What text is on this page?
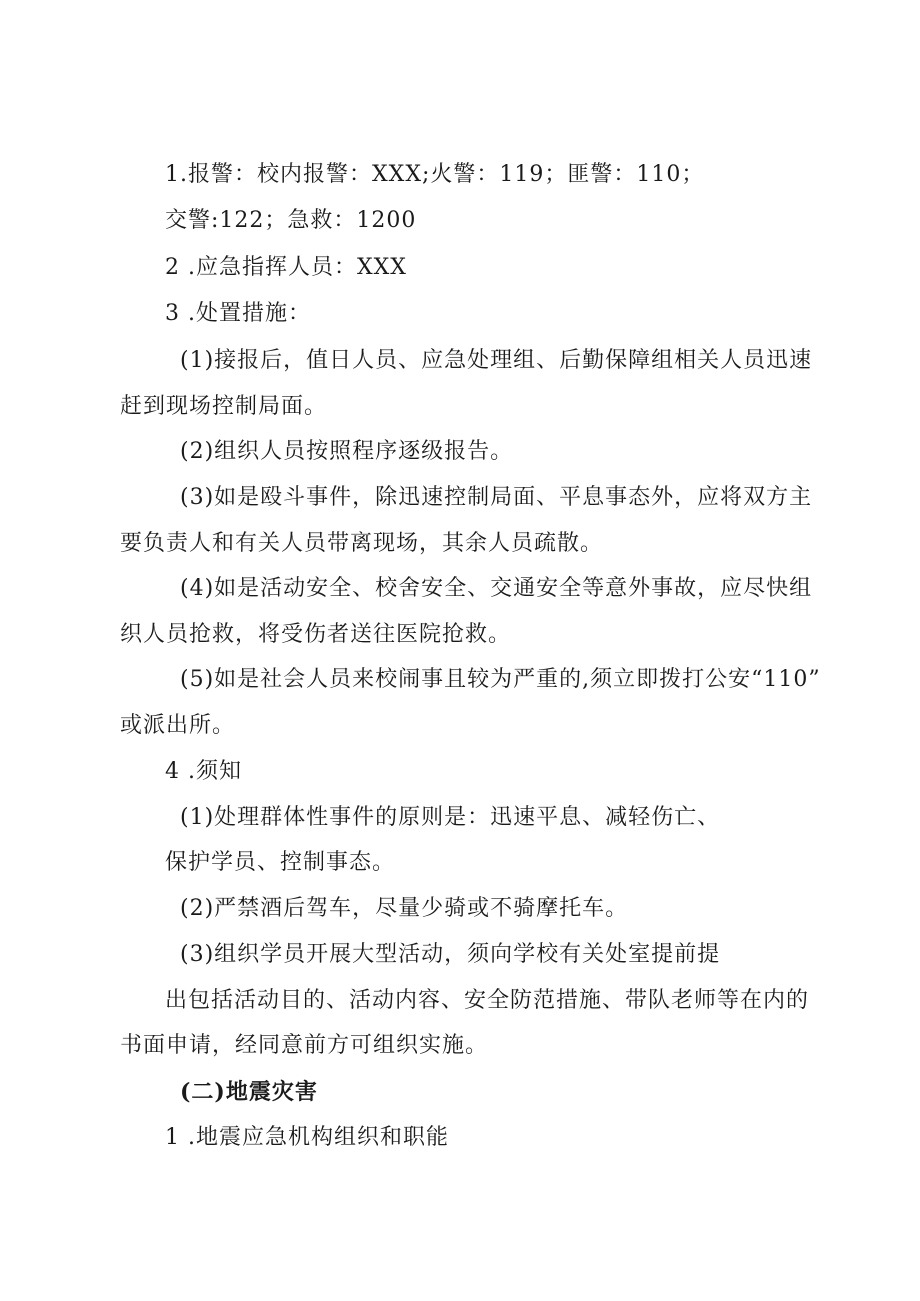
1.报警：校内报警：XXX;火警：119；匪警：110；
交警:122；急救：1200
2 .应急指挥人员：XXX
3 .处置措施：
(1)接报后，值日人员、应急处理组、后勤保障组相关人员迅速
赶到现场控制局面。
(2)组织人员按照程序逐级报告。
(3)如是殴斗事件，除迅速控制局面、平息事态外，应将双方主
要负责人和有关人员带离现场，其余人员疏散。
(4)如是活动安全、校舍安全、交通安全等意外事故，应尽快组
织人员抢救，将受伤者送往医院抢救。
(5)如是社会人员来校闹事且较为严重的,须立即拨打公安“110”
或派出所。
4 .须知
(1)处理群体性事件的原则是：迅速平息、减轻伤亡、
保护学员、控制事态。
(2)严禁酒后驾车，尽量少骑或不骑摩托车。
(3)组织学员开展大型活动，须向学校有关处室提前提
出包括活动目的、活动内容、安全防范措施、带队老师等在内的
书面申请，经同意前方可组织实施。
(二)地震灾害
1 .地震应急机构组织和职能
